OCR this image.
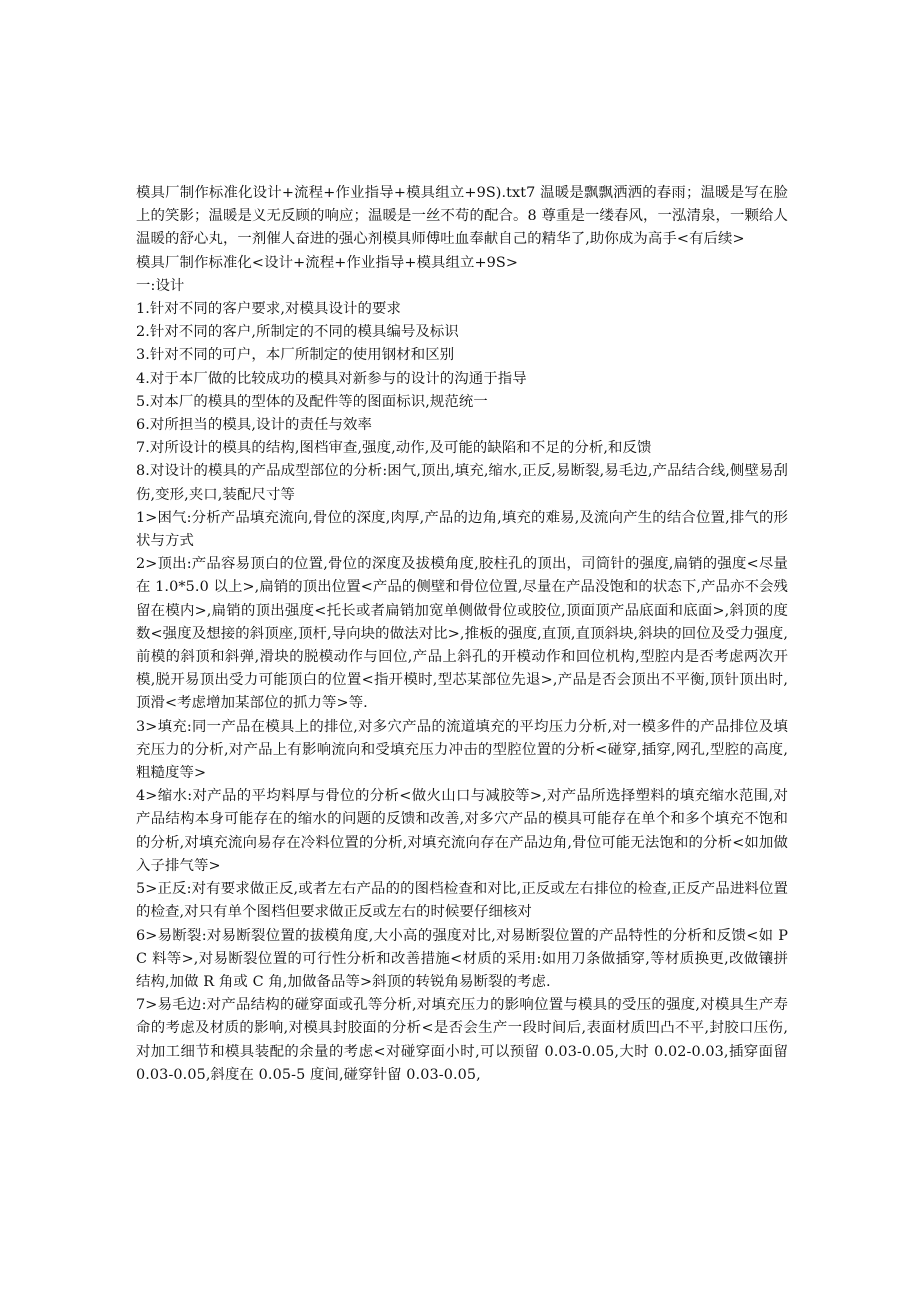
模具厂制作标准化设计+流程+作业指导+模具组立+9S).txt7 温暖是飘飘洒洒的春雨；温暖是写在脸上的笑影；温暖是义无反顾的响应；温暖是一丝不苟的配合。8 尊重是一缕春风，一泓清泉，一颗给人温暖的舒心丸，一剂催人奋进的强心剂模具师傅吐血奉献自己的精华了,助你成为高手<有后续>

模具厂制作标准化<设计+流程+作业指导+模具组立+9S>

一:设计

1.针对不同的客户要求,对模具设计的要求

2.针对不同的客户,所制定的不同的模具编号及标识

3.针对不同的可户，本厂所制定的使用钢材和区别

4.对于本厂做的比较成功的模具对新参与的设计的沟通于指导

5.对本厂的模具的型体的及配件等的图面标识,规范统一

6.对所担当的模具,设计的责任与效率

7.对所设计的模具的结构,图档审查,强度,动作,及可能的缺陷和不足的分析,和反馈

8.对设计的模具的产品成型部位的分析:困气,顶出,填充,缩水,正反,易断裂,易毛边,产品结合线,侧壁易刮伤,变形,夹口,装配尺寸等

1>困气:分析产品填充流向,骨位的深度,肉厚,产品的边角,填充的难易,及流向产生的结合位置,排气的形状与方式

2>顶出:产品容易顶白的位置,骨位的深度及拔模角度,胶柱孔的顶出，司筒针的强度,扁销的强度<尽量在 1.0*5.0 以上>,扁销的顶出位置<产品的侧壁和骨位位置,尽量在产品没饱和的状态下,产品亦不会残留在模内>,扁销的顶出强度<托长或者扁销加宽单侧做骨位或胶位,顶面顶产品底面和底面>,斜顶的度数<强度及想接的斜顶座,顶杆,导向块的做法对比>,推板的强度,直顶,直顶斜块,斜块的回位及受力强度,前模的斜顶和斜弹,滑块的脱模动作与回位,产品上斜孔的开模动作和回位机构,型腔内是否考虑两次开模,脱开易顶出受力可能顶白的位置<指开模时,型芯某部位先退>,产品是否会顶出不平衡,顶针顶出时,顶滑<考虑增加某部位的抓力等>等.

3>填充:同一产品在模具上的排位,对多穴产品的流道填充的平均压力分析,对一模多件的产品排位及填充压力的分析,对产品上有影响流向和受填充压力冲击的型腔位置的分析<碰穿,插穿,网孔,型腔的高度,粗糙度等>

4>缩水:对产品的平均料厚与骨位的分析<做火山口与减胶等>,对产品所选择塑料的填充缩水范围,对产品结构本身可能存在的缩水的问题的反馈和改善,对多穴产品的模具可能存在单个和多个填充不饱和的分析,对填充流向易存在冷料位置的分析,对填充流向存在产品边角,骨位可能无法饱和的分析<如加做入子排气等>

5>正反:对有要求做正反,或者左右产品的的图档检查和对比,正反或左右排位的检查,正反产品进料位置的检查,对只有单个图档但要求做正反或左右的时候要仔细核对

6>易断裂:对易断裂位置的拔模角度,大小高的强度对比,对易断裂位置的产品特性的分析和反馈<如 PC 料等>,对易断裂位置的可行性分析和改善措施<材质的采用:如用刀条做插穿,等材质换更,改做镶拼结构,加做 R 角或 C 角,加做备品等>斜顶的转锐角易断裂的考虑.

7>易毛边:对产品结构的碰穿面或孔等分析,对填充压力的影响位置与模具的受压的强度,对模具生产寿命的考虑及材质的影响,对模具封胶面的分析<是否会生产一段时间后,表面材质凹凸不平,封胶口压伤,对加工细节和模具装配的余量的考虑<对碰穿面小时,可以预留 0.03-0.05,大时 0.02-0.03,插穿面留 0.03-0.05,斜度在 0.05-5 度间,碰穿针留 0.03-0.05,
